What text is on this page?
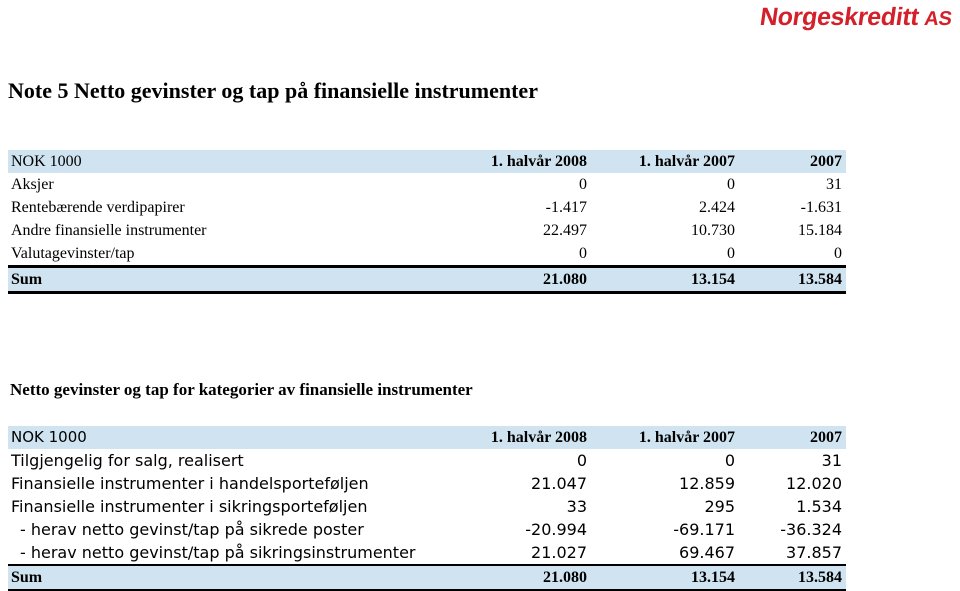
Norgeskreditt AS
Note 5 Netto gevinster og tap på finansielle instrumenter
NOK 1000	1. halvår 2008	1. halvår 2007	2007
Aksjer	0	0	31
Rentebærende verdipapirer	-1.417	2.424	-1.631
Andre finansielle instrumenter	22.497	10.730	15.184
Valutagevinster/tap	0	0	0
Sum	21.080	13.154	13.584
Netto gevinster og tap for kategorier av finansielle instrumenter
NOK 1000	1. halvår 2008	1. halvår 2007	2007
Tilgjengelig for salg, realisert	0	0	31
Finansielle instrumenter i handelsporteføljen	21.047	12.859	12.020
Finansielle instrumenter i sikringsporteføljen	33	295	1.534
- herav netto gevinst/tap på sikrede poster	-20.994	-69.171	-36.324
- herav netto gevinst/tap på sikringsinstrumenter	21.027	69.467	37.857
Sum	21.080	13.154	13.584
